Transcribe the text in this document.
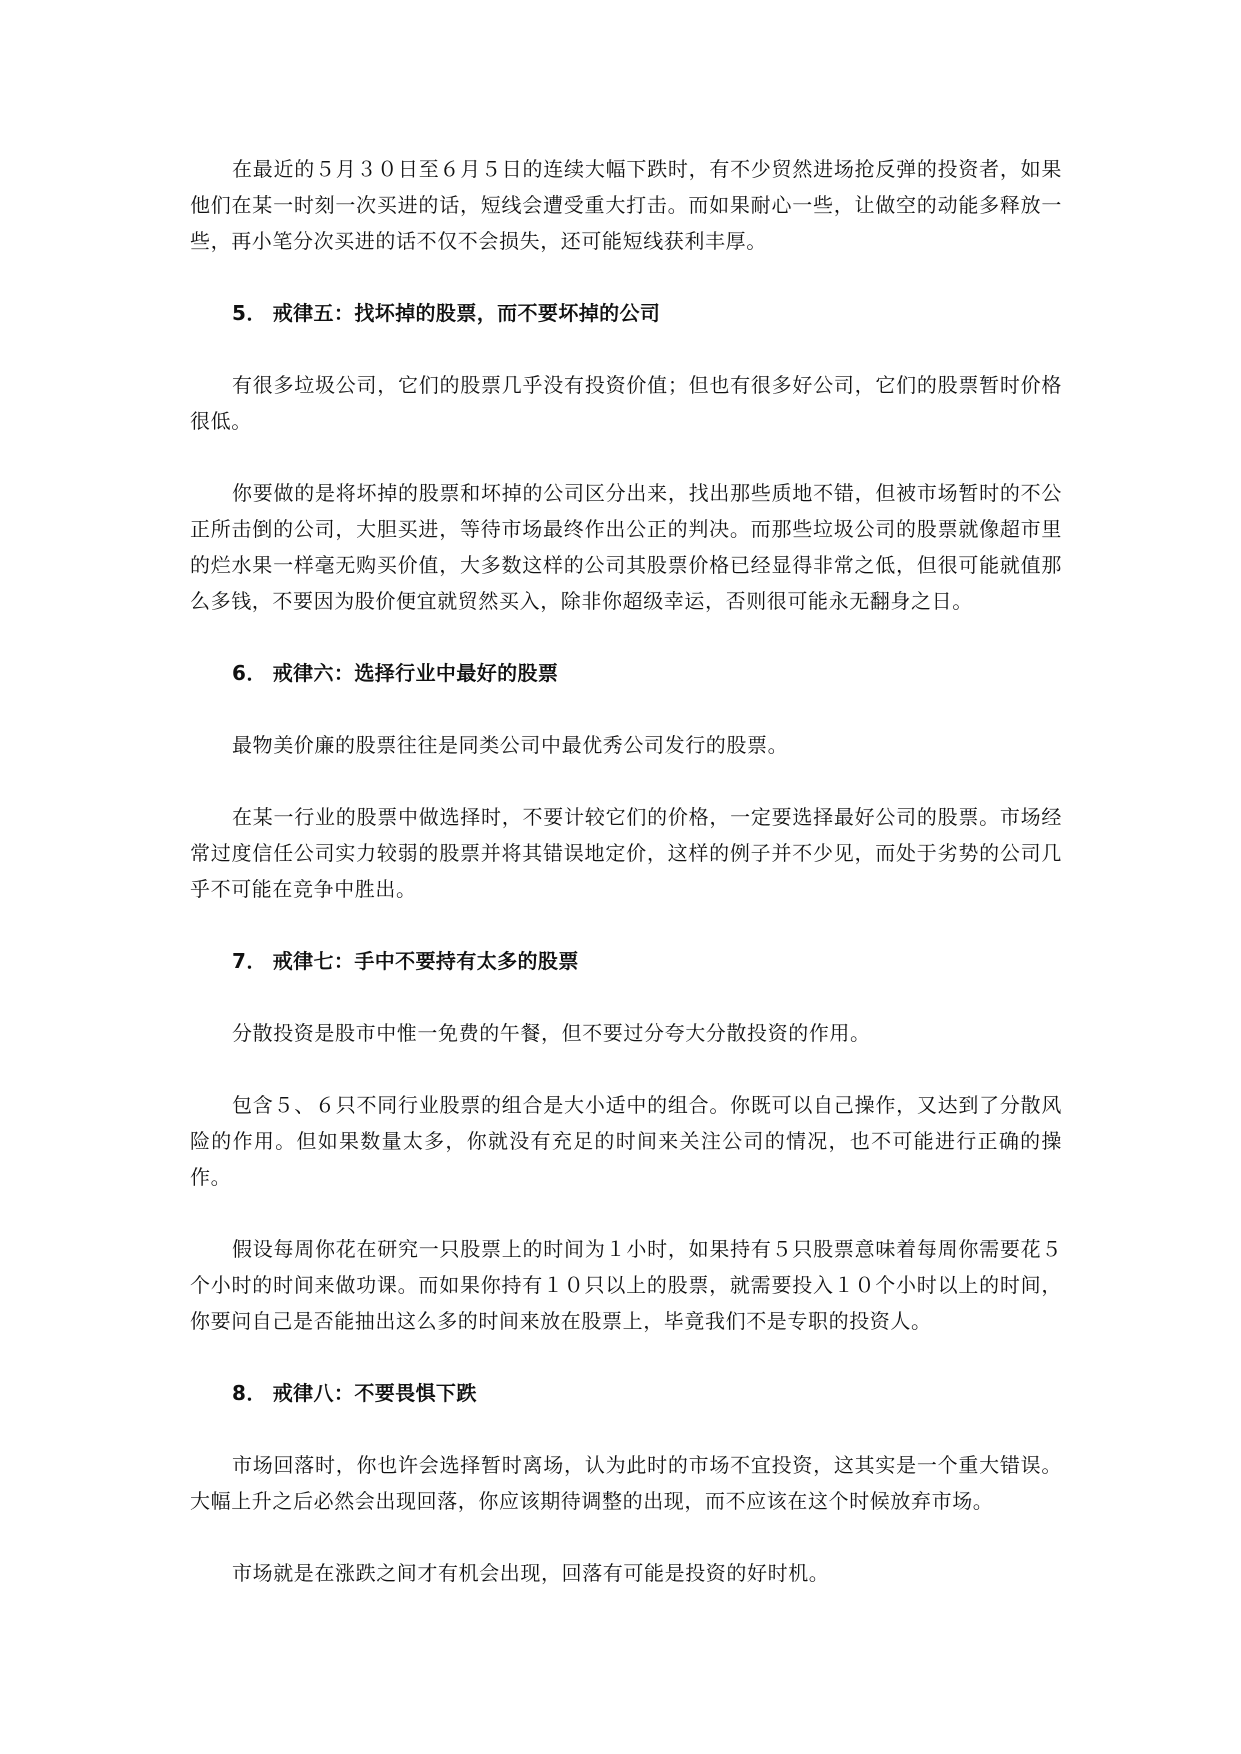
在最近的５月３０日至６月５日的连续大幅下跌时，有不少贸然进场抢反弹的投资者，如果他们在某一时刻一次买进的话，短线会遭受重大打击。而如果耐心一些，让做空的动能多释放一些，再小笔分次买进的话不仅不会损失，还可能短线获利丰厚。

5． 戒律五：找坏掉的股票，而不要坏掉的公司

有很多垃圾公司，它们的股票几乎没有投资价值；但也有很多好公司，它们的股票暂时价格很低。

你要做的是将坏掉的股票和坏掉的公司区分出来，找出那些质地不错，但被市场暂时的不公正所击倒的公司，大胆买进，等待市场最终作出公正的判决。而那些垃圾公司的股票就像超市里的烂水果一样毫无购买价值，大多数这样的公司其股票价格已经显得非常之低，但很可能就值那么多钱，不要因为股价便宜就贸然买入，除非你超级幸运，否则很可能永无翻身之日。

6． 戒律六：选择行业中最好的股票

最物美价廉的股票往往是同类公司中最优秀公司发行的股票。

在某一行业的股票中做选择时，不要计较它们的价格，一定要选择最好公司的股票。市场经常过度信任公司实力较弱的股票并将其错误地定价，这样的例子并不少见，而处于劣势的公司几乎不可能在竞争中胜出。

7． 戒律七：手中不要持有太多的股票

分散投资是股市中惟一免费的午餐，但不要过分夸大分散投资的作用。

包含５、６只不同行业股票的组合是大小适中的组合。你既可以自己操作，又达到了分散风险的作用。但如果数量太多，你就没有充足的时间来关注公司的情况，也不可能进行正确的操作。

假设每周你花在研究一只股票上的时间为１小时，如果持有５只股票意味着每周你需要花５个小时的时间来做功课。而如果你持有１０只以上的股票，就需要投入１０个小时以上的时间，你要问自己是否能抽出这么多的时间来放在股票上，毕竟我们不是专职的投资人。

8． 戒律八：不要畏惧下跌

市场回落时，你也许会选择暂时离场，认为此时的市场不宜投资，这其实是一个重大错误。大幅上升之后必然会出现回落，你应该期待调整的出现，而不应该在这个时候放弃市场。

市场就是在涨跌之间才有机会出现，回落有可能是投资的好时机。
